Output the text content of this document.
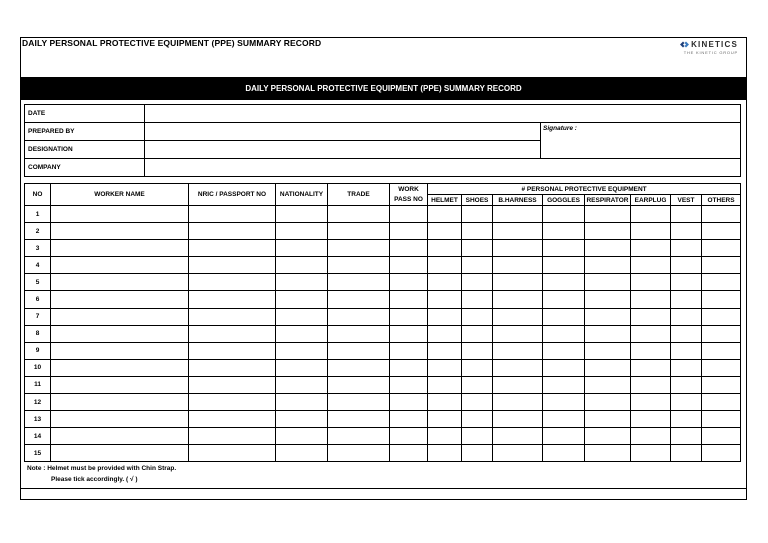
DAILY PERSONAL PROTECTIVE EQUIPMENT (PPE) SUMMARY RECORD	KINETICS
THE KINETIC GROUP
DAILY PERSONAL PROTECTIVE EQUIPMENT (PPE) SUMMARY RECORD
DATE		
PREPARED BY		Signature :
DESIGNATION		
COMPANY		
NO	WORKER NAME	NRIC / PASSPORT NO	NATIONALITY	TRADE	WORK	# PERSONAL PROTECTIVE EQUIPMENT							
					PASS NO	HELMET	SHOES	B.HARNESS	GOGGLES	RESPIRATOR	EARPLUG	VEST	OTHERS
1													
2													
3													
4													
5													
6													
7													
8													
9													
10													
11													
12													
13													
14													
15													
Note : Helmet must be provided with Chin Strap.
Please tick accordingly. ( √ )
